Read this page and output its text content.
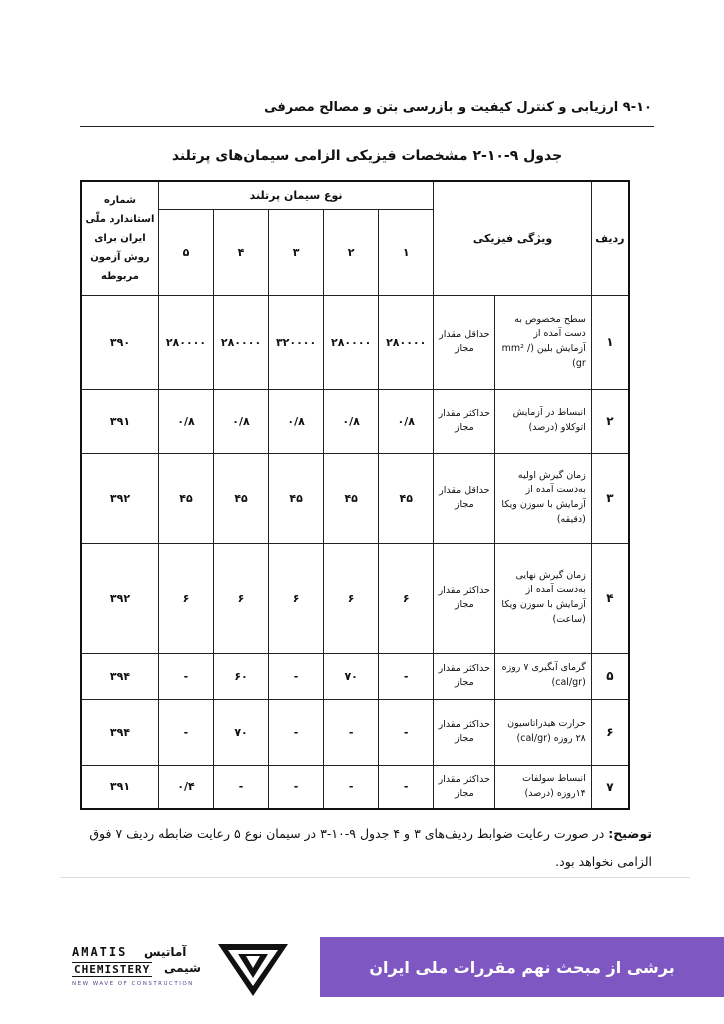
۹-۱۰ ارزیابی و کنترل کیفیت و بازرسی بتن و مصالح مصرفی
جدول ۹-۱۰-۲ مشخصات فیزیکی الزامی سیمان‌های پرتلند
ردیف	ویژگی فیزیکی		نوع سیمان پرتلند					شماره استاندارد ملّی ایران برای روش آزمون مربوطه
			۱	۲	۳	۴	۵	
۱	سطح مخصوص به دست آمده از آزمایش بلین (mm² / gr)	حداقل مقدار مجاز	۲۸۰۰۰۰	۲۸۰۰۰۰	۳۲۰۰۰۰	۲۸۰۰۰۰	۲۸۰۰۰۰	۳۹۰
۲	انبساط در آزمایش اتوکلاو (درصد)	حداکثر مقدار مجاز	۰/۸	۰/۸	۰/۸	۰/۸	۰/۸	۳۹۱
۳	زمان گیرش اولیه به‌دست آمده از آزمایش با سوزن ویکا (دقیقه)	حداقل مقدار مجاز	۴۵	۴۵	۴۵	۴۵	۴۵	۳۹۲
۴	زمان گیرش نهایی به‌دست آمده از آزمایش با سوزن ویکا (ساعت)	حداکثر مقدار مجاز	۶	۶	۶	۶	۶	۳۹۲
۵	گرمای آبگیری ۷ روزه (cal/gr)	حداکثر مقدار مجاز	-	۷۰	-	۶۰	-	۳۹۴
۶	حرارت هیدراتاسیون ۲۸ روزه (cal/gr)	حداکثر مقدار مجاز	-	-	-	۷۰	-	۳۹۴
۷	انبساط سولفات ۱۴روزه (درصد)	حداکثر مقدار مجاز	-	-	-	-	۰/۴	۳۹۱
توضیح: در صورت رعایت ضوابط ردیف‌های ۳ و ۴ جدول ۹-۱۰-۳ در سیمان نوع ۵ رعایت ضابطه ردیف ۷ فوق الزامی نخواهد بود.
AMATIS آماتیس
CHEMISTERY شیمی
NEW WAVE OF CONSTRUCTION
برشی از مبحث نهم مقررات ملی ایران
